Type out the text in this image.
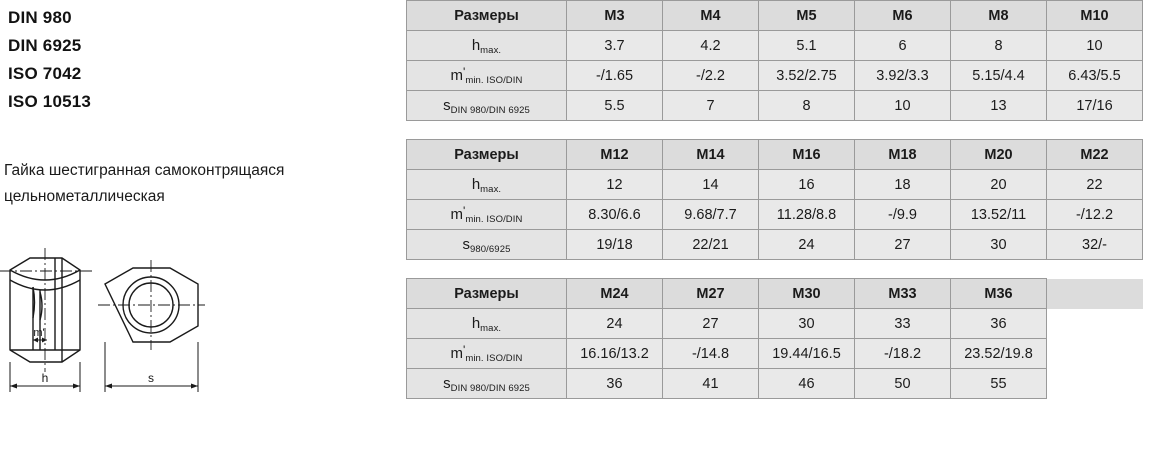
DIN 980
DIN 6925
ISO 7042
ISO 10513
Гайка шестигранная самоконтрящаяся
цельнометаллическая
m'
h	s
Размеры	M3	M4	M5	M6	M8	M10
$h_{max.}$	3.7	4.2	5.1	6	8	10
$m'_{min. ISO/DIN}$	-/1.65	-/2.2	3.52/2.75	3.92/3.3	5.15/4.4	6.43/5.5
$s_{DIN 980/DIN 6925}$	5.5	7	8	10	13	17/16
Размеры	M12	M14	M16	M18	M20	M22
$h_{max.}$	12	14	16	18	20	22
$m'_{min. ISO/DIN}$	8.30/6.6	9.68/7.7	11.28/8.8	-/9.9	13.52/11	-/12.2
$s_{980/6925}$	19/18	22/21	24	27	30	32/-
Размеры	M24	M27	M30	M33	M36	
$h_{max.}$	24	27	30	33	36	
$m'_{min. ISO/DIN}$	16.16/13.2	-/14.8	19.44/16.5	-/18.2	23.52/19.8	
$s_{DIN 980/DIN 6925}$	36	41	46	50	55	
